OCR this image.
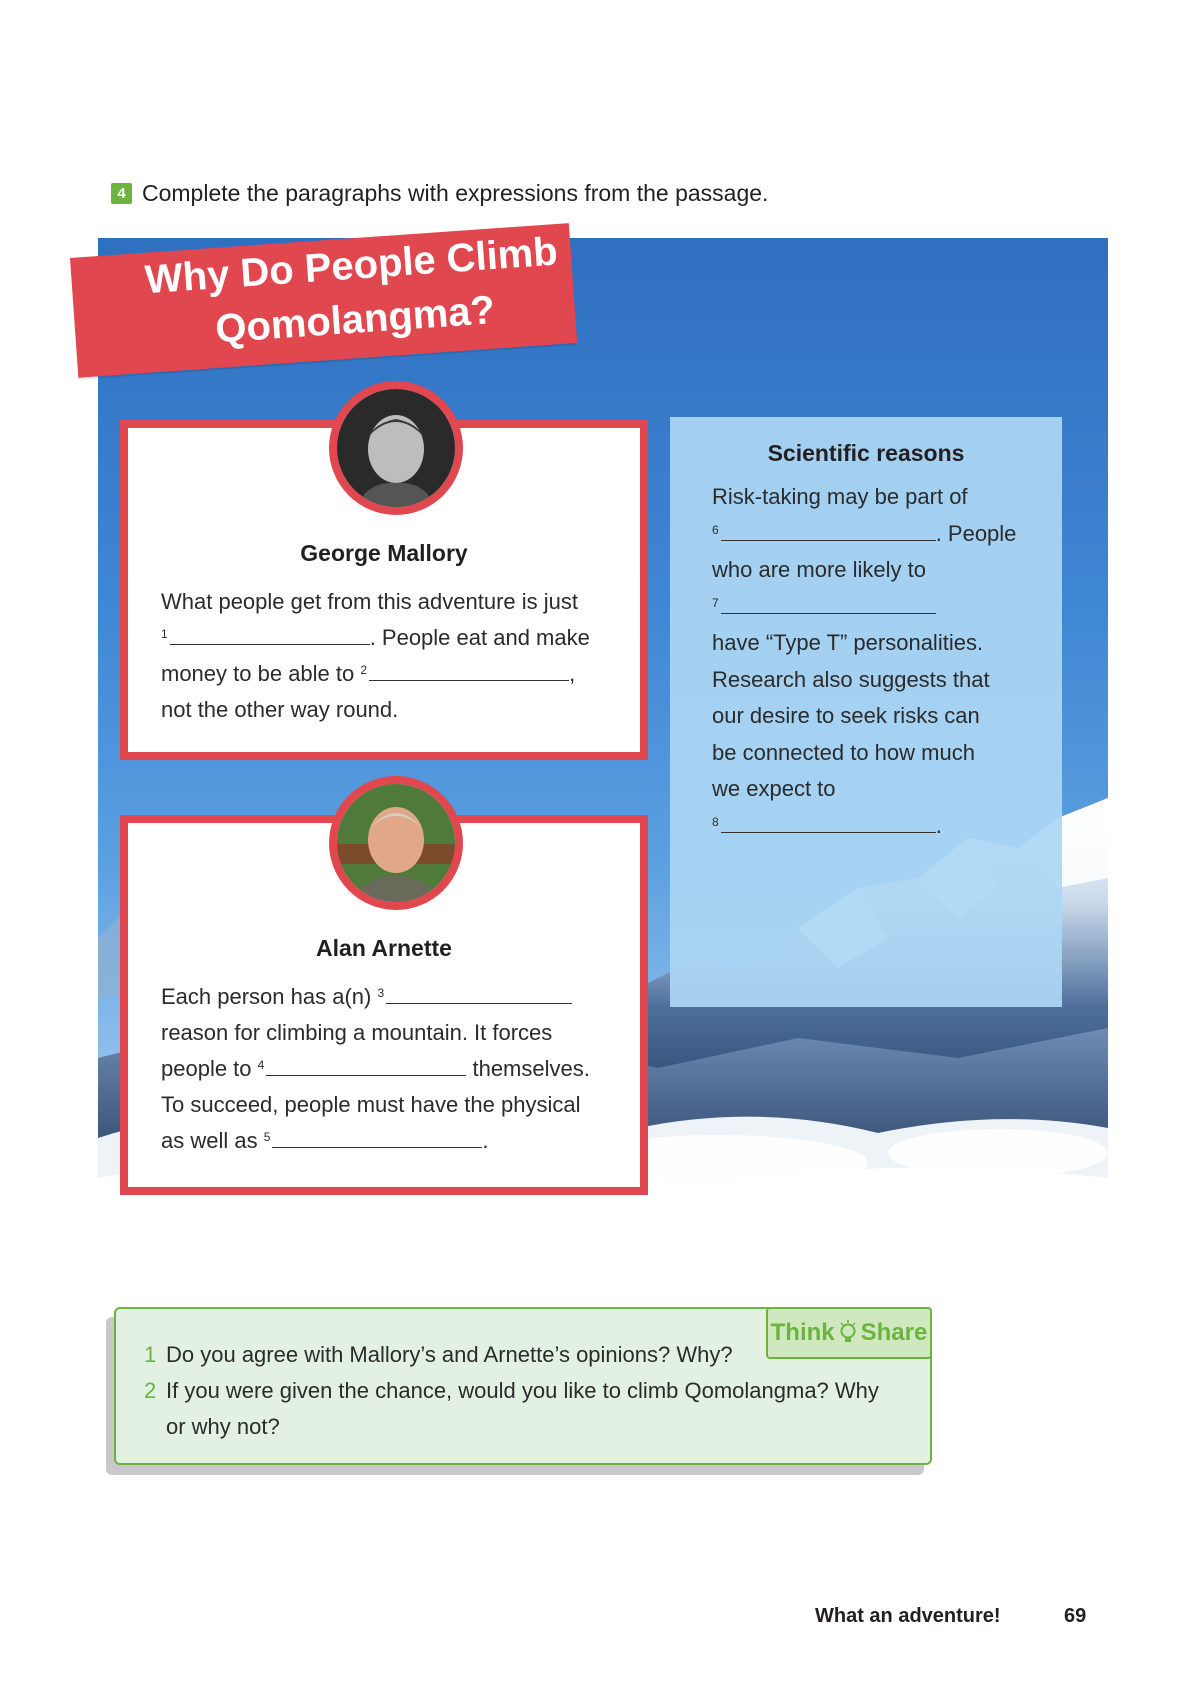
4 Complete the paragraphs with expressions from the passage.
Why Do People Climb
Qomolangma?
George Mallory
What people get from this adventure is just
$^1$	. People eat and make
money to be able to $^2$	,
not the other way round.
Alan Arnette
Each person has a(n) $^3$
reason for climbing a mountain. It forces
people to $^4$	themselves.
To succeed, people must have the physical
as well as $^5$	.
Scientific reasons
Risk-taking may be part of
$^6$	. People
who are more likely to
$^7$
have “Type T” personalities.
Research also suggests that
our desire to seek risks can
be connected to how much
we expect to
$^8$	.
Think Share
1 Do you agree with Mallory’s and Arnette’s opinions? Why?
2 If you were given the chance, would you like to climb Qomolangma? Why
or why not?
What an adventure!	69
